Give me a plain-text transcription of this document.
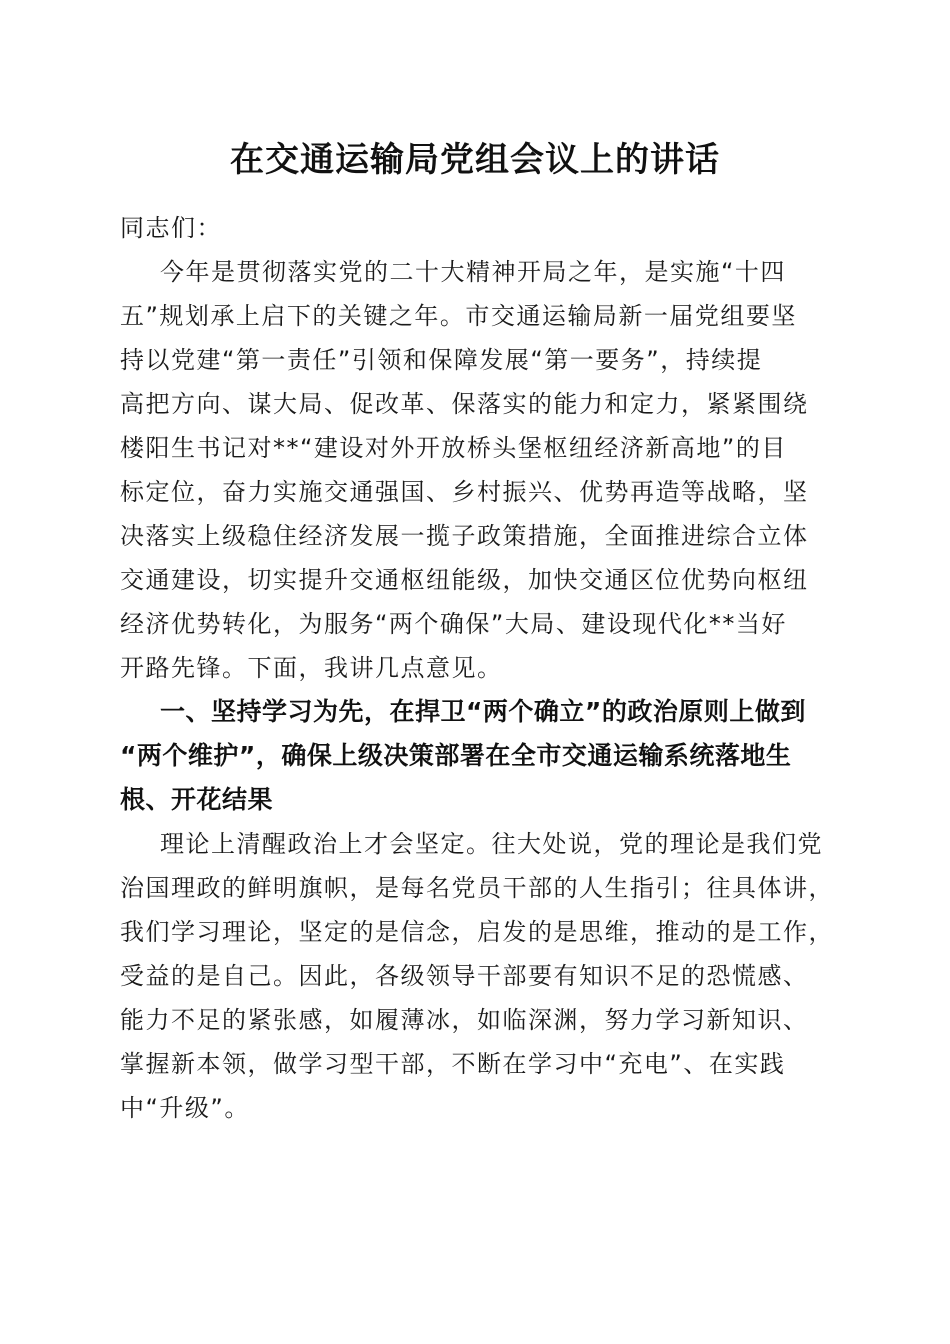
在交通运输局党组会议上的讲话
同志们：
今年是贯彻落实党的二十大精神开局之年，是实施“十四
五”规划承上启下的关键之年。市交通运输局新一届党组要坚
持以党建“第一责任”引领和保障发展“第一要务”，持续提
高把方向、谋大局、促改革、保落实的能力和定力，紧紧围绕
楼阳生书记对**“建设对外开放桥头堡枢纽经济新高地”的目
标定位，奋力实施交通强国、乡村振兴、优势再造等战略，坚
决落实上级稳住经济发展一揽子政策措施，全面推进综合立体
交通建设，切实提升交通枢纽能级，加快交通区位优势向枢纽
经济优势转化，为服务“两个确保”大局、建设现代化**当好
开路先锋。下面，我讲几点意见。
一、坚持学习为先，在捍卫“两个确立”的政治原则上做到
“两个维护”，确保上级决策部署在全市交通运输系统落地生
根、开花结果
理论上清醒政治上才会坚定。往大处说，党的理论是我们党
治国理政的鲜明旗帜，是每名党员干部的人生指引；往具体讲，
我们学习理论，坚定的是信念，启发的是思维，推动的是工作，
受益的是自己。因此，各级领导干部要有知识不足的恐慌感、
能力不足的紧张感，如履薄冰，如临深渊，努力学习新知识、
掌握新本领，做学习型干部，不断在学习中“充电”、在实践
中“升级”。
